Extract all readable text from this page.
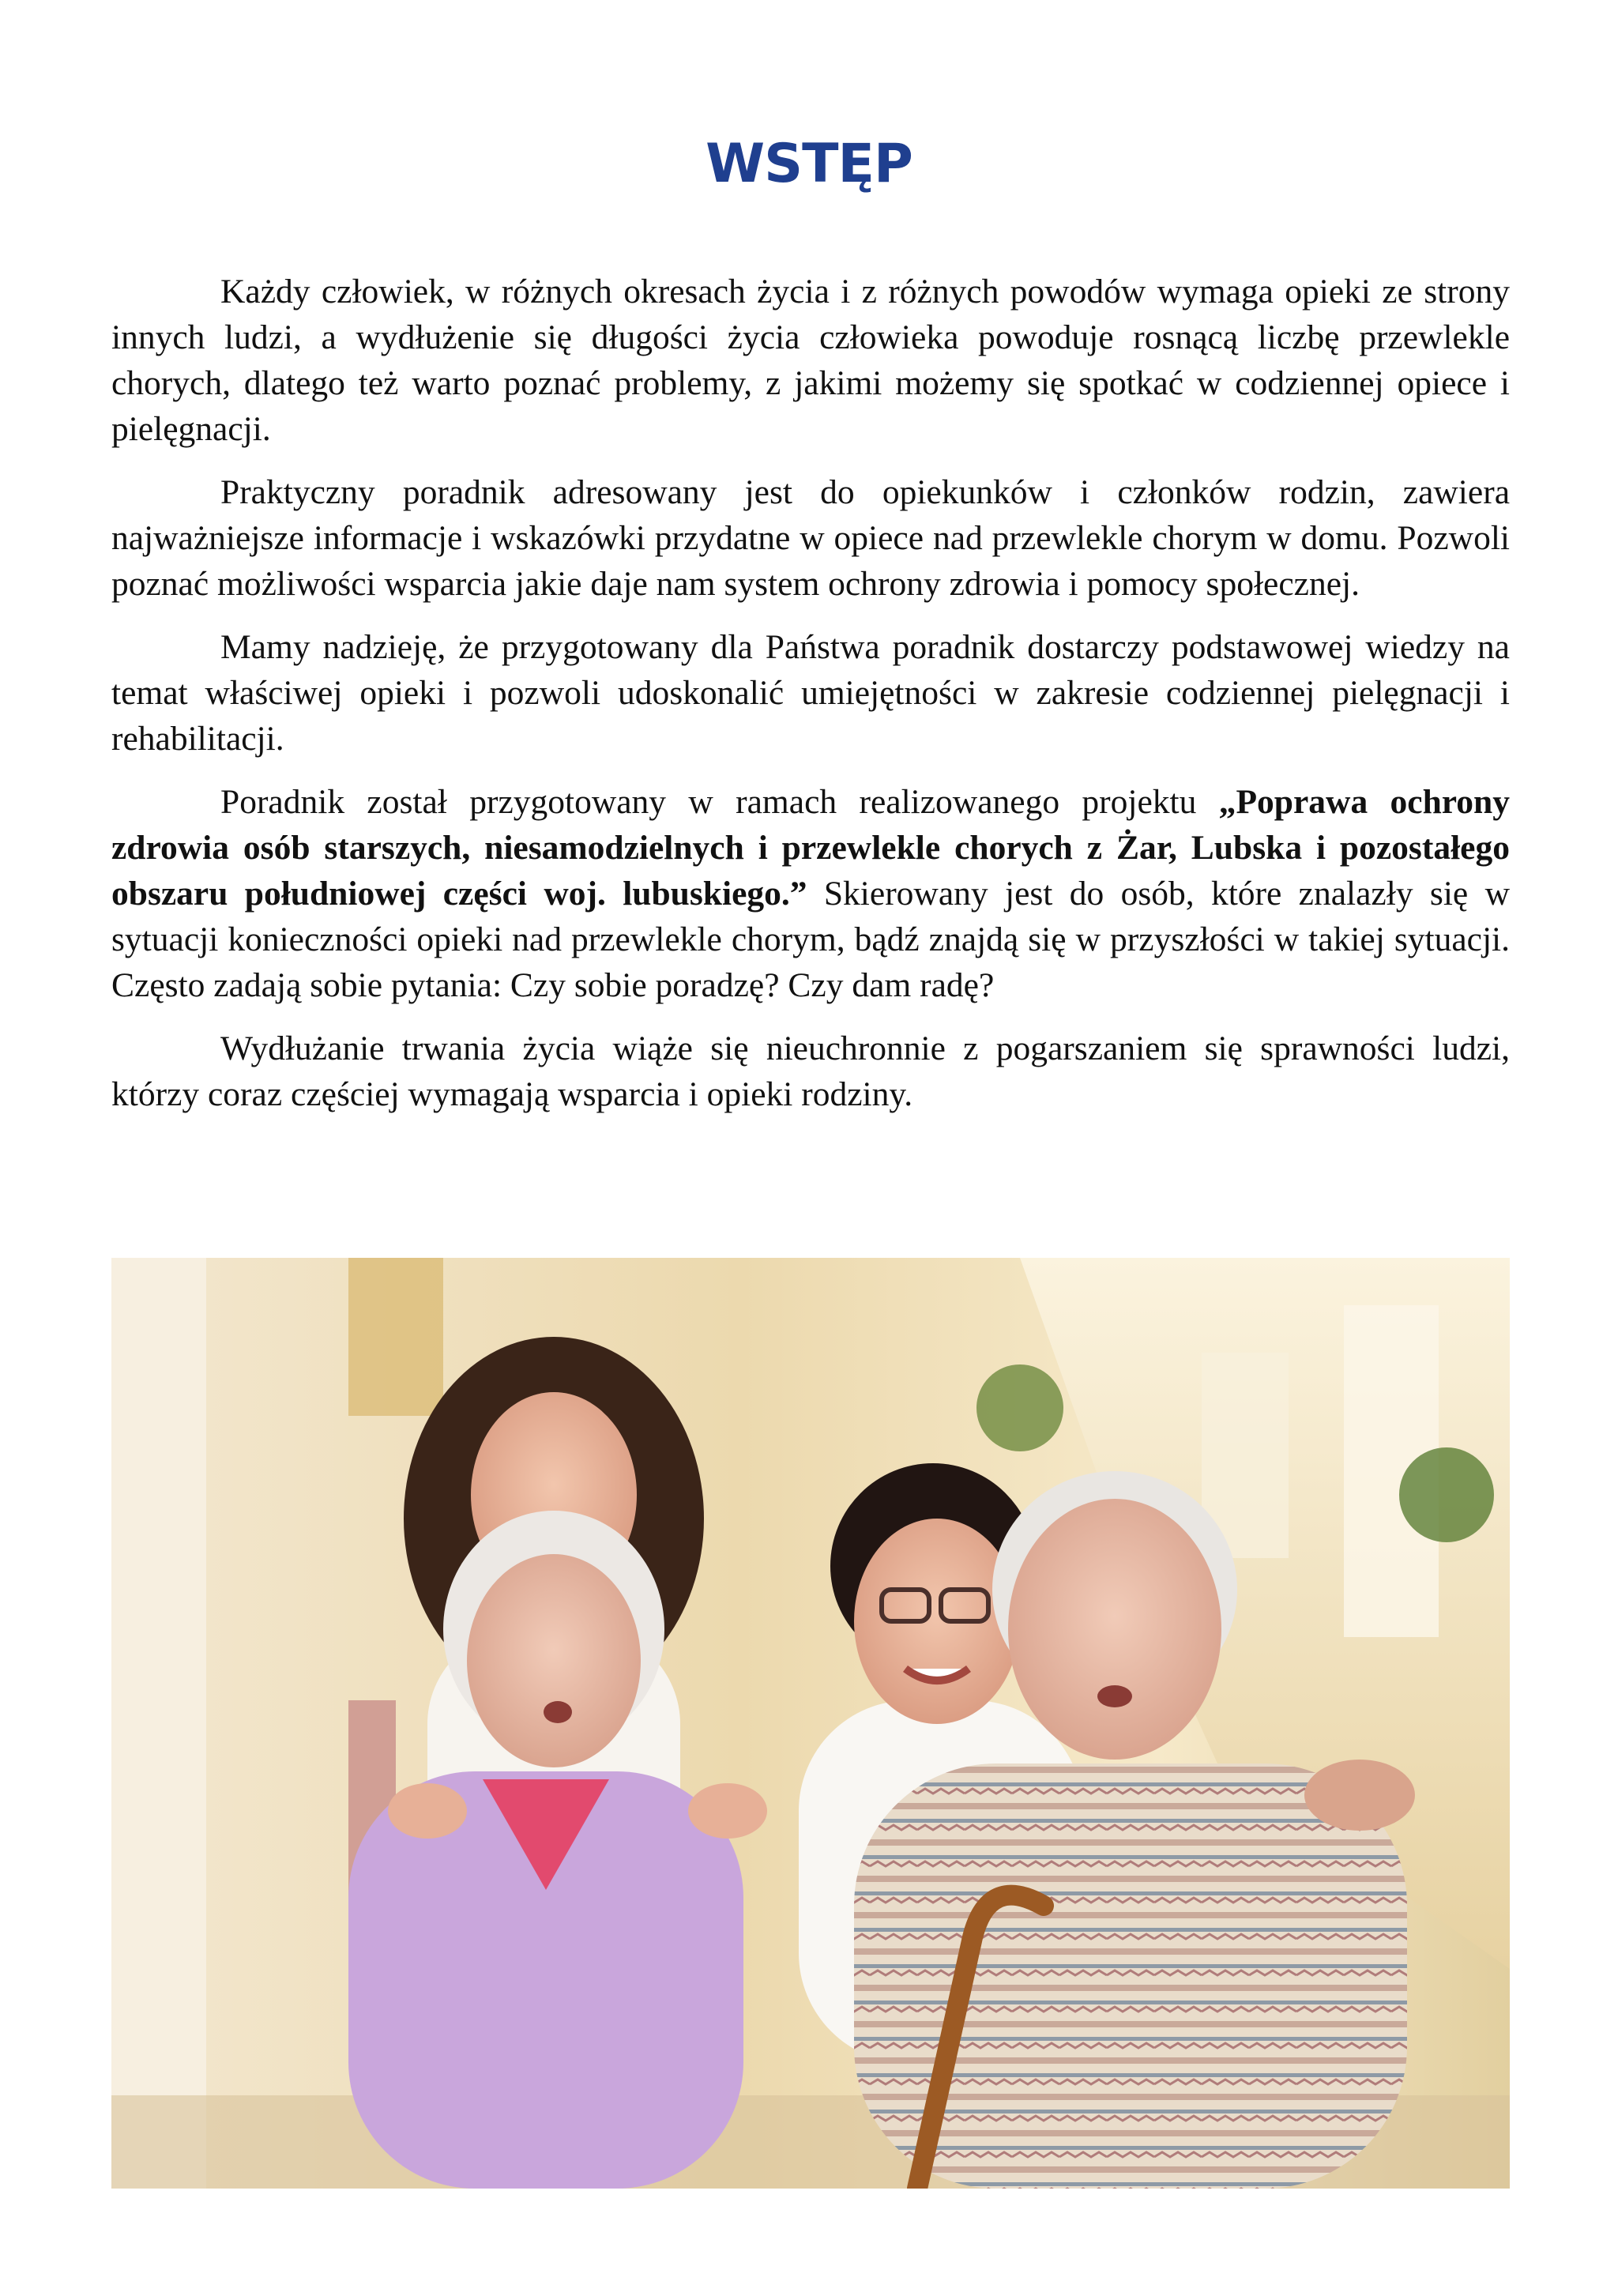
WSTĘP

Każdy człowiek, w różnych okresach życia i z różnych powodów wymaga opieki ze strony innych ludzi, a wydłużenie się długości życia człowieka powoduje rosnącą liczbę przewlekle chorych, dlatego też warto poznać problemy, z jakimi możemy się spotkać w codziennej opiece i pielęgnacji.

Praktyczny poradnik adresowany jest do opiekunków i członków rodzin, zawiera najważniejsze informacje i wskazówki przydatne w opiece nad przewlekle chorym w domu. Pozwoli poznać możliwości wsparcia jakie daje nam system ochrony zdrowia i pomocy społecznej.

Mamy nadzieję, że przygotowany dla Państwa poradnik dostarczy podstawowej wiedzy na temat właściwej opieki i pozwoli udoskonalić umiejętności w zakresie codziennej pielęgnacji i rehabilitacji.

Poradnik został przygotowany w ramach realizowanego projektu „Poprawa ochrony zdrowia osób starszych, niesamodzielnych i przewlekle chorych z Żar, Lubska i pozostałego obszaru południowej części woj. lubuskiego.” Skierowany jest do osób, które znalazły się w sytuacji konieczności opieki nad przewlekle chorym, bądź znajdą się w przyszłości w takiej sytuacji. Często zadają sobie pytania: Czy sobie poradzę? Czy dam radę?

Wydłużanie trwania życia wiąże się nieuchronnie z pogarszaniem się sprawności ludzi, którzy coraz częściej wymagają wsparcia i opieki rodziny.
